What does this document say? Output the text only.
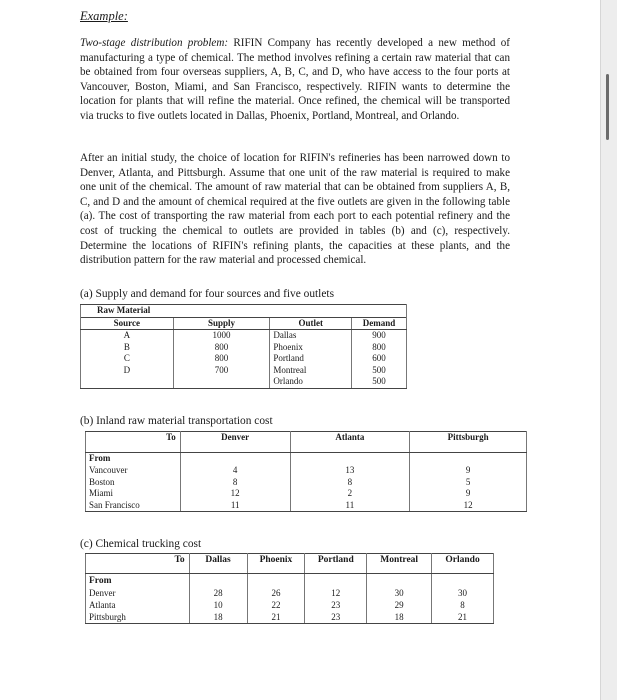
Example:
Two-stage distribution problem: RIFIN Company has recently developed a new method of manufacturing a type of chemical. The method involves refining a certain raw material that can be obtained from four overseas suppliers, A, B, C, and D, who have access to the four ports at Vancouver, Boston, Miami, and San Francisco, respectively. RIFIN wants to determine the location for plants that will refine the material. Once refined, the chemical will be transported via trucks to five outlets located in Dallas, Phoenix, Portland, Montreal, and Orlando.
After an initial study, the choice of location for RIFIN's refineries has been narrowed down to Denver, Atlanta, and Pittsburgh. Assume that one unit of the raw material is required to make one unit of the chemical. The amount of raw material that can be obtained from suppliers A, B, C, and D and the amount of chemical required at the five outlets are given in the following table (a). The cost of transporting the raw material from each port to each potential refinery and the cost of trucking the chemical to outlets are provided in tables (b) and (c), respectively. Determine the locations of RIFIN's refining plants, the capacities at these plants, and the distribution pattern for the raw material and processed chemical.
(a) Supply and demand for four sources and five outlets
Raw Material			
Source	Supply	Outlet	Demand
A	1000	Dallas	900
B	800	Phoenix	800
C	800	Portland	600
D	700	Montreal	500
		Orlando	500
(b) Inland raw material transportation cost
To	Denver	Atlanta	Pittsburgh
From			
Vancouver	4	13	9
Boston	8	8	5
Miami	12	2	9
San Francisco	11	11	12
(c) Chemical trucking cost
To	Dallas	Phoenix	Portland	Montreal	Orlando
From					
Denver	28	26	12	30	30
Atlanta	10	22	23	29	8
Pittsburgh	18	21	23	18	21
